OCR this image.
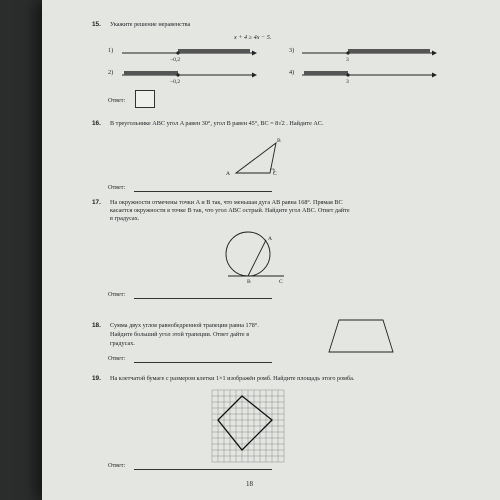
15. Укажите решение неравенства
x + 4 ≥ 4x − 5.
1)
−0,2
2)
−0,2
3)
3
4)
3
Ответ:
16. В треугольнике ABC угол A равен 30°, угол B равен 45°, BC = 8√2 . Найдите AC.
B
A	C
Ответ:
17. На окружности отмечены точки A и B так, что меньшая дуга AB равна 168°. Прямая BC
касается окружности в точке B так, что угол ABC острый. Найдите угол ABC. Ответ дайте
в градусах.
A
B	C
Ответ:
18. Сумма двух углов равнобедренной трапеции равна 178°.
Найдите больший угол этой трапеции. Ответ дайте в
градусах.
Ответ:
19. На клетчатой бумаге с размером клетки 1×1 изображён ромб. Найдите площадь этого ромба.
Ответ:
18
